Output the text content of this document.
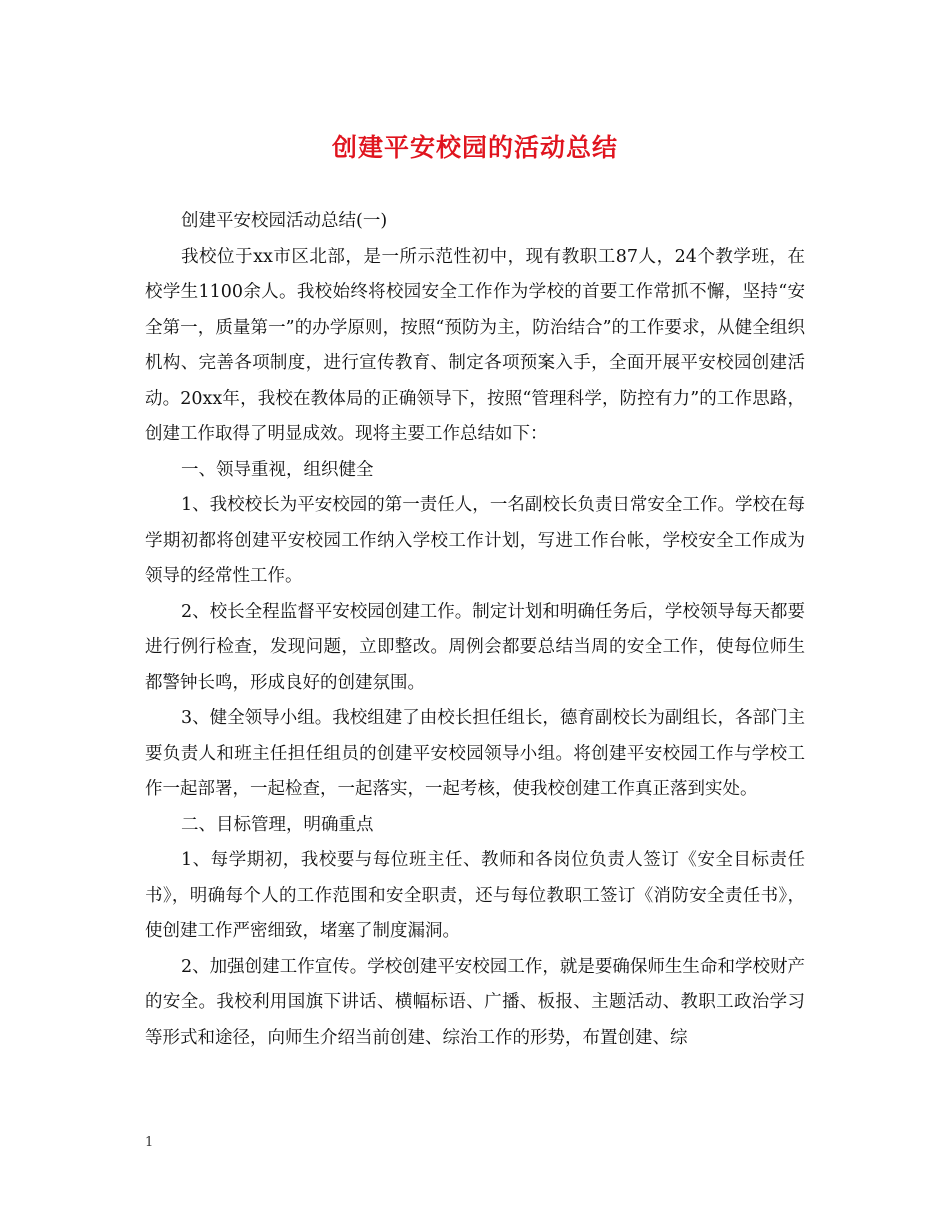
创建平安校园的活动总结

创建平安校园活动总结(一)

我校位于xx市区北部，是一所示范性初中，现有教职工87人，24个教学班，在校学生1100余人。我校始终将校园安全工作作为学校的首要工作常抓不懈，坚持“安全第一，质量第一”的办学原则，按照“预防为主，防治结合”的工作要求，从健全组织机构、完善各项制度，进行宣传教育、制定各项预案入手，全面开展平安校园创建活动。20xx年，我校在教体局的正确领导下，按照“管理科学，防控有力”的工作思路，创建工作取得了明显成效。现将主要工作总结如下：

一、领导重视，组织健全

1、我校校长为平安校园的第一责任人，一名副校长负责日常安全工作。学校在每学期初都将创建平安校园工作纳入学校工作计划，写进工作台帐，学校安全工作成为领导的经常性工作。

2、校长全程监督平安校园创建工作。制定计划和明确任务后，学校领导每天都要进行例行检查，发现问题，立即整改。周例会都要总结当周的安全工作，使每位师生都警钟长鸣，形成良好的创建氛围。

3、健全领导小组。我校组建了由校长担任组长，德育副校长为副组长，各部门主要负责人和班主任担任组员的创建平安校园领导小组。将创建平安校园工作与学校工作一起部署，一起检查，一起落实，一起考核，使我校创建工作真正落到实处。

二、目标管理，明确重点

1、每学期初，我校要与每位班主任、教师和各岗位负责人签订《安全目标责任书》，明确每个人的工作范围和安全职责，还与每位教职工签订《消防安全责任书》，使创建工作严密细致，堵塞了制度漏洞。

2、加强创建工作宣传。学校创建平安校园工作，就是要确保师生生命和学校财产的安全。我校利用国旗下讲话、横幅标语、广播、板报、主题活动、教职工政治学习等形式和途径，向师生介绍当前创建、综治工作的形势，布置创建、综

1
